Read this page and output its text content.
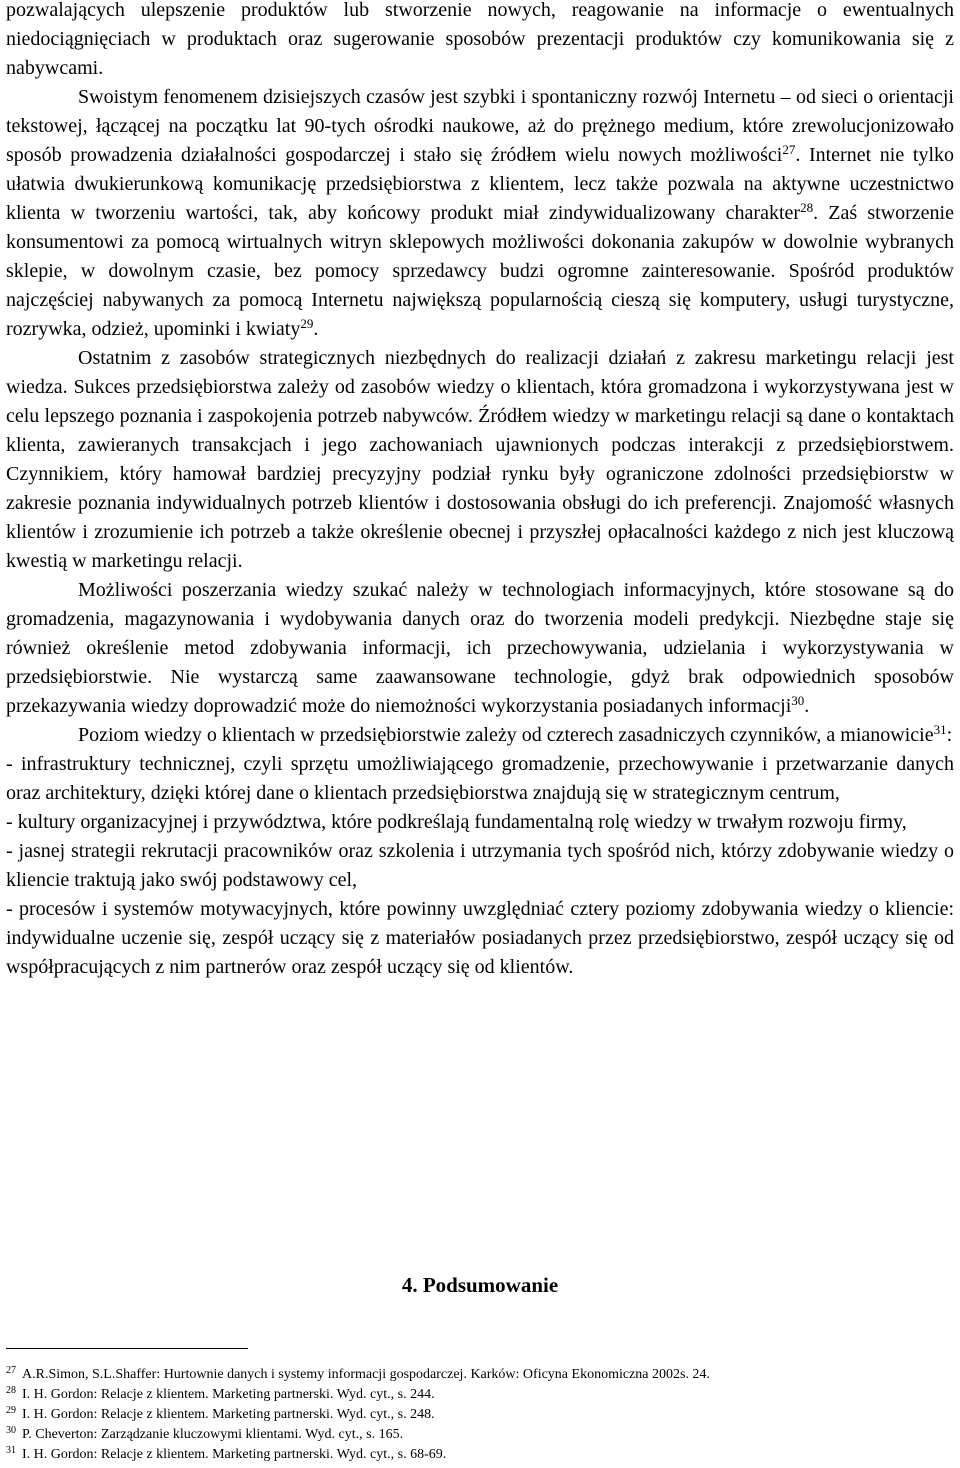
pozwalających ulepszenie produktów lub stworzenie nowych, reagowanie na informacje o ewentualnych niedociągnięciach w produktach oraz sugerowanie sposobów prezentacji produktów czy komunikowania się z nabywcami.

Swoistym fenomenem dzisiejszych czasów jest szybki i spontaniczny rozwój Internetu – od sieci o orientacji tekstowej, łączącej na początku lat 90-tych ośrodki naukowe, aż do prężnego medium, które zrewolucjonizowało sposób prowadzenia działalności gospodarczej i stało się źródłem wielu nowych możliwości$^{27}$. Internet nie tylko ułatwia dwukierunkową komunikację przedsiębiorstwa z klientem, lecz także pozwala na aktywne uczestnictwo klienta w tworzeniu wartości, tak, aby końcowy produkt miał zindywidualizowany charakter$^{28}$. Zaś stworzenie konsumentowi za pomocą wirtualnych witryn sklepowych możliwości dokonania zakupów w dowolnie wybranych sklepie, w dowolnym czasie, bez pomocy sprzedawcy budzi ogromne zainteresowanie. Spośród produktów najczęściej nabywanych za pomocą Internetu największą popularnością cieszą się komputery, usługi turystyczne, rozrywka, odzież, upominki i kwiaty$^{29}$.

Ostatnim z zasobów strategicznych niezbędnych do realizacji działań z zakresu marketingu relacji jest wiedza. Sukces przedsiębiorstwa zależy od zasobów wiedzy o klientach, która gromadzona i wykorzystywana jest w celu lepszego poznania i zaspokojenia potrzeb nabywców. Źródłem wiedzy w marketingu relacji są dane o kontaktach klienta, zawieranych transakcjach i jego zachowaniach ujawnionych podczas interakcji z przedsiębiorstwem. Czynnikiem, który hamował bardziej precyzyjny podział rynku były ograniczone zdolności przedsiębiorstw w zakresie poznania indywidualnych potrzeb klientów i dostosowania obsługi do ich preferencji. Znajomość własnych klientów i zrozumienie ich potrzeb a także określenie obecnej i przyszłej opłacalności każdego z nich jest kluczową kwestią w marketingu relacji.

Możliwości poszerzania wiedzy szukać należy w technologiach informacyjnych, które stosowane są do gromadzenia, magazynowania i wydobywania danych oraz do tworzenia modeli predykcji. Niezbędne staje się również określenie metod zdobywania informacji, ich przechowywania, udzielania i wykorzystywania w przedsiębiorstwie. Nie wystarczą same zaawansowane technologie, gdyż brak odpowiednich sposobów przekazywania wiedzy doprowadzić może do niemożności wykorzystania posiadanych informacji$^{30}$.

Poziom wiedzy o klientach w przedsiębiorstwie zależy od czterech zasadniczych czynników, a mianowicie$^{31}$:

- infrastruktury technicznej, czyli sprzętu umożliwiającego gromadzenie, przechowywanie i przetwarzanie danych oraz architektury, dzięki której dane o klientach przedsiębiorstwa znajdują się w strategicznym centrum,

- kultury organizacyjnej i przywództwa, które podkreślają fundamentalną rolę wiedzy w trwałym rozwoju firmy,

- jasnej strategii rekrutacji pracowników oraz szkolenia i utrzymania tych spośród nich, którzy zdobywanie wiedzy o kliencie traktują jako swój podstawowy cel,

- procesów i systemów motywacyjnych, które powinny uwzględniać cztery poziomy zdobywania wiedzy o kliencie: indywidualne uczenie się, zespół uczący się z materiałów posiadanych przez przedsiębiorstwo, zespół uczący się od współpracujących z nim partnerów oraz zespół uczący się od klientów.

4. Podsumowanie
$^{27}$ A.R.Simon, S.L.Shaffer: Hurtownie danych i systemy informacji gospodarczej. Karków: Oficyna Ekonomiczna 2002s. 24.
$^{28}$ I. H. Gordon: Relacje z klientem. Marketing partnerski. Wyd. cyt., s. 244.
$^{29}$ I. H. Gordon: Relacje z klientem. Marketing partnerski. Wyd. cyt., s. 248.
$^{30}$ P. Cheverton: Zarządzanie kluczowymi klientami. Wyd. cyt., s. 165.
$^{31}$ I. H. Gordon: Relacje z klientem. Marketing partnerski. Wyd. cyt., s. 68-69.
